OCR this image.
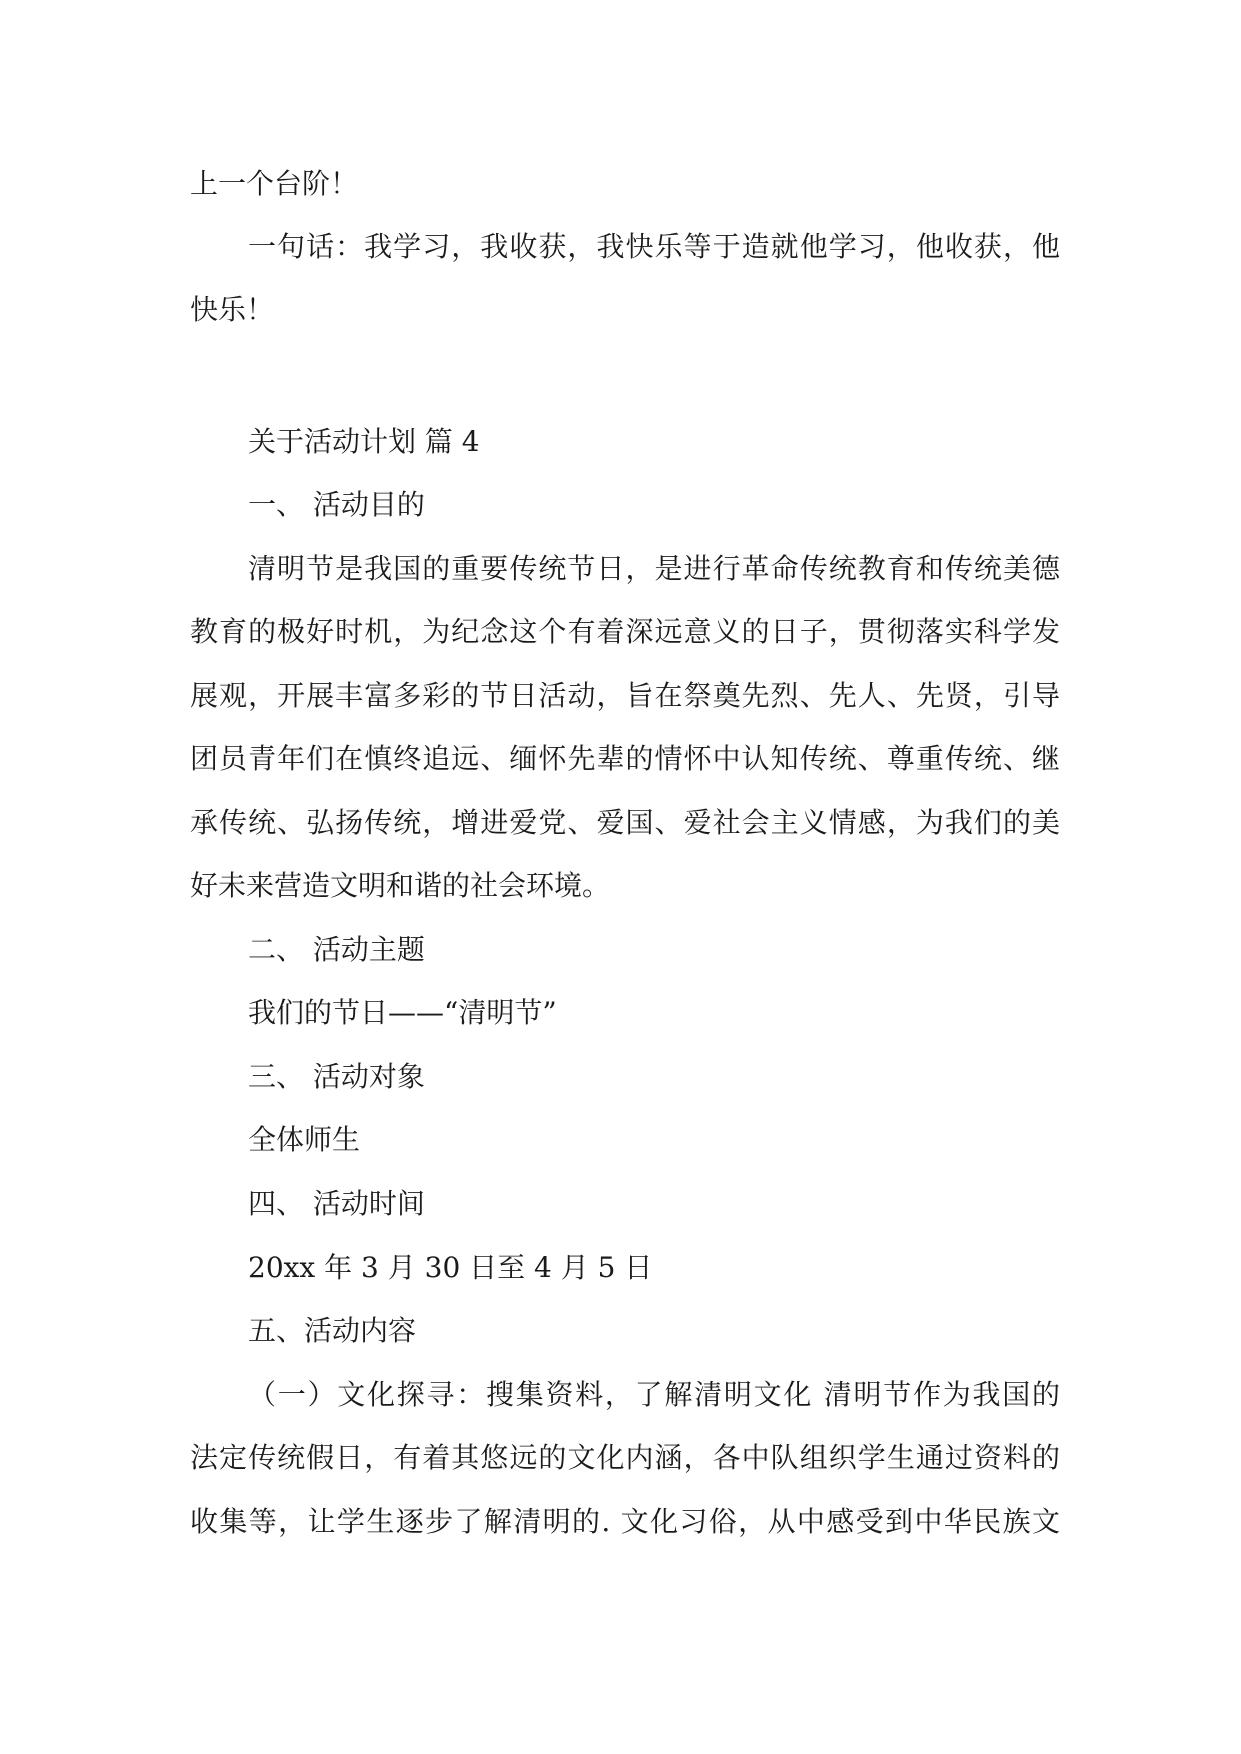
上一个台阶！
一句话：我学习，我收获，我快乐等于造就他学习，他收获，他
快乐！
关于活动计划 篇 4
一、 活动目的
清明节是我国的重要传统节日，是进行革命传统教育和传统美德
教育的极好时机，为纪念这个有着深远意义的日子，贯彻落实科学发
展观，开展丰富多彩的节日活动，旨在祭奠先烈、先人、先贤，引导
团员青年们在慎终追远、缅怀先辈的情怀中认知传统、尊重传统、继
承传统、弘扬传统，增进爱党、爱国、爱社会主义情感，为我们的美
好未来营造文明和谐的社会环境。
二、 活动主题
我们的节日——“清明节”
三、 活动对象
全体师生
四、 活动时间
20xx 年 3 月 30 日至 4 月 5 日
五、活动内容
（一）文化探寻：搜集资料，了解清明文化 清明节作为我国的
法定传统假日，有着其悠远的文化内涵，各中队组织学生通过资料的
收集等，让学生逐步了解清明的. 文化习俗，从中感受到中华民族文
